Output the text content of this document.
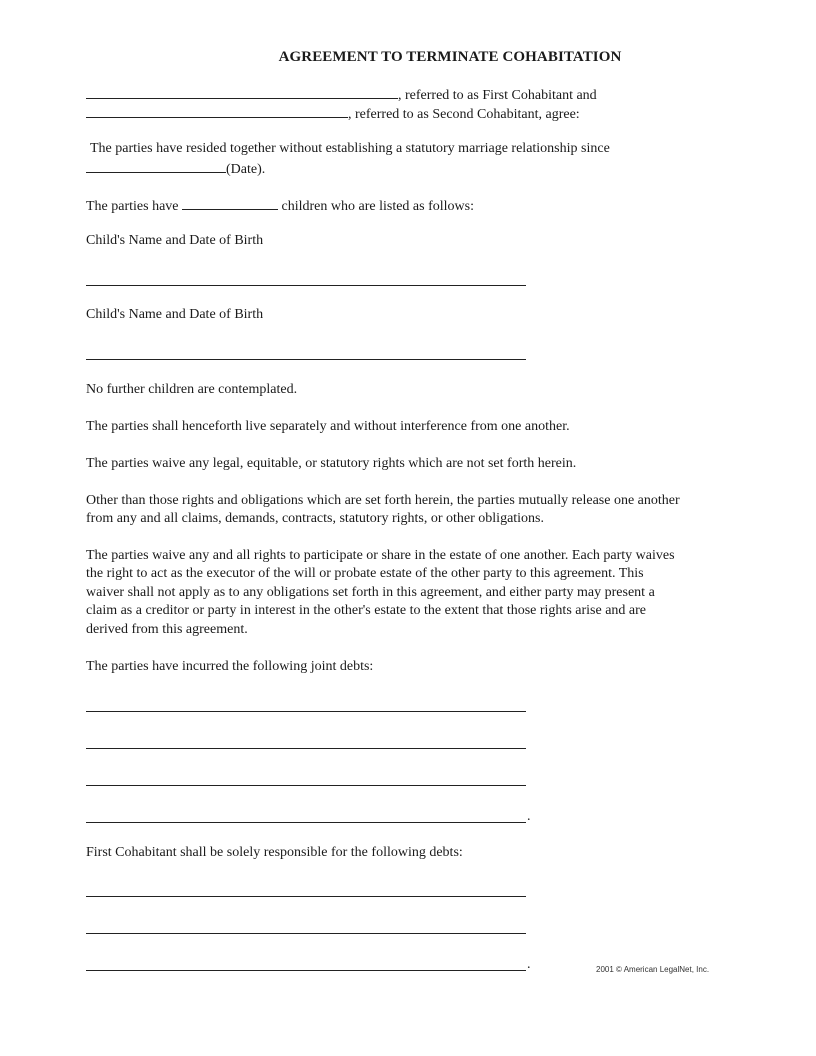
AGREEMENT TO TERMINATE COHABITATION
, referred to as First Cohabitant and
, referred to as Second Cohabitant, agree:
The parties have resided together without establishing a statutory marriage relationship since
(Date).
The parties have	children who are listed as follows:
Child's Name and Date of Birth
Child's Name and Date of Birth
No further children are contemplated.
The parties shall henceforth live separately and without interference from one another.
The parties waive any legal, equitable, or statutory rights which are not set forth herein.
Other than those rights and obligations which are set forth herein, the parties mutually release one another
from any and all claims, demands, contracts, statutory rights, or other obligations.
The parties waive any and all rights to participate or share in the estate of one another. Each party waives
the right to act as the executor of the will or probate estate of the other party to this agreement. This
waiver shall not apply as to any obligations set forth in this agreement, and either party may present a
claim as a creditor or party in interest in the other's estate to the extent that those rights arise and are
derived from this agreement.
The parties have incurred the following joint debts:
.
First Cohabitant shall be solely responsible for the following debts:
.	2001 © American LegalNet, Inc.
